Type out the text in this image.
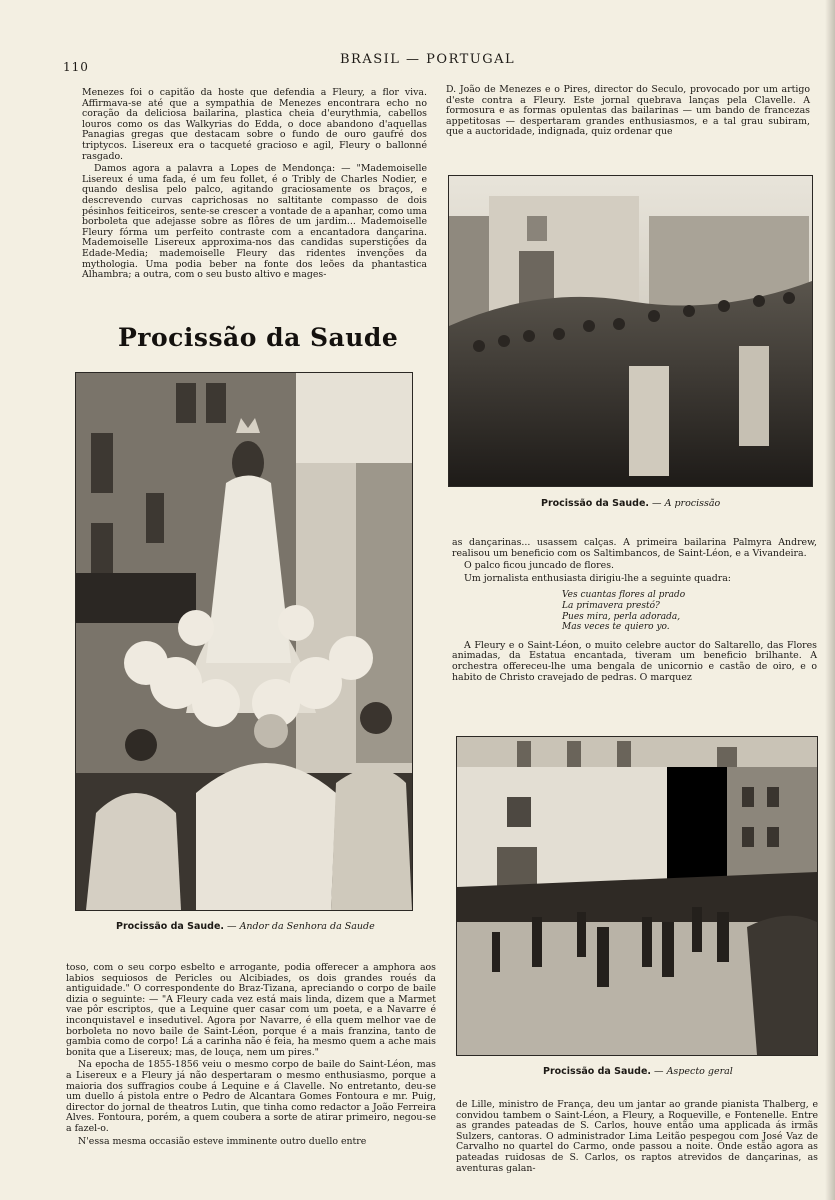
110	BRASIL — PORTUGAL

Menezes foi o capitão da hoste que defendia a Fleury, a flor viva. Affirmava-se até que a sympathia de Menezes encontrara echo no coração da deliciosa bailarina, plastica cheia d'eurythmia, cabellos louros como os das Walkyrias do Edda, o doce abandono d'aquellas Panagias gregas que destacam sobre o fundo de ouro gaufré dos triptycos. Lisereux era o tacqueté gracioso e agil, Fleury o ballonné rasgado.

Damos agora a palavra a Lopes de Mendonça: — "Mademoiselle Lisereux é uma fada, é um feu follet, é o Tribly de Charles Nodier, e quando deslisa pelo palco, agitando graciosamente os braços, e descrevendo curvas caprichosas no saltitante compasso de dois pésinhos feiticeiros, sente-se crescer a vontade de a apanhar, como uma borboleta que adejasse sobre as flôres de um jardim... Mademoiselle Fleury fórma um perfeito contraste com a encantadora dançarina. Mademoiselle Lisereux approxima-nos das candidas superstições da Edade-Media; mademoiselle Fleury das ridentes invenções da mythologia. Uma podia beber na fonte dos leões da phantastica Alhambra; a outra, com o seu busto altivo e mages-

Procissão da Saude

D. João de Menezes e o Pires, director do Seculo, provocado por um artigo d'este contra a Fleury. Este jornal quebrava lanças pela Clavelle. A formosura e as formas opulentas das bailarinas — um bando de francezas appetitosas — despertaram grandes enthusiasmos, e a tal grau subiram, que a auctoridade, indignada, quiz ordenar que

Procissão da Saude. — A procissão
Procissão da Saude. — Andor da Senhora da Saude

as dançarinas... usassem calças. A primeira bailarina Palmyra Andrew, realisou um beneficio com os Saltimbancos, de Saint-Léon, e a Vivandeira.

O palco ficou juncado de flores.

Um jornalista enthusiasta dirigiu-lhe a seguinte quadra:

Ves cuantas flores al prado
La primavera prestó?
Pues mira, perla adorada,
Mas veces te quiero yo.

A Fleury e o Saint-Léon, o muito celebre auctor do Saltarello, das Flores animadas, da Estatua encantada, tiveram um beneficio brilhante. A orchestra offereceu-lhe uma bengala de unicornio e castão de oiro, e o habito de Christo cravejado de pedras. O marquez

Procissão da Saude. — Aspecto geral

toso, com o seu corpo esbelto e arrogante, podia offerecer a amphora aos labios sequiosos de Pericles ou Alcibiades, os dois grandes roués da antiguidade." O correspondente do Braz-Tizana, apreciando o corpo de baile dizia o seguinte: — "A Fleury cada vez está mais linda, dizem que a Marmet vae pôr escriptos, que a Lequine quer casar com um poeta, e a Navarre é inconquistavel e insedutivel. Agora por Navarre, é ella quem melhor vae de borboleta no novo baile de Saint-Léon, porque é a mais franzina, tanto de gambia como de corpo! Lá a carinha não é feia, ha mesmo quem a ache mais bonita que a Lisereux; mas, de louça, nem um pires."

Na epocha de 1855-1856 veiu o mesmo corpo de baile do Saint-Léon, mas a Lisereux e a Fleury já não despertaram o mesmo enthusiasmo, porque a maioria dos suffragios coube á Lequine e á Clavelle. No entretanto, deu-se um duello á pistola entre o Pedro de Alcantara Gomes Fontoura e mr. Puig, director do jornal de theatros Lutin, que tinha como redactor a João Ferreira Alves. Fontoura, porém, a quem coubera a sorte de atirar primeiro, negou-se a fazel-o.

N'essa mesma occasião esteve imminente outro duello entre

de Lille, ministro de França, deu um jantar ao grande pianista Thalberg, e convidou tambem o Saint-Léon, a Fleury, a Roqueville, e Fontenelle. Entre as grandes pateadas de S. Carlos, houve então uma applicada ás irmãs Sulzers, cantoras. O administrador Lima Leitão pespegou com José Vaz de Carvalho no quartel do Carmo, onde passou a noite. Onde estão agora as pateadas ruidosas de S. Carlos, os raptos atrevidos de dançarinas, as aventuras galan-
